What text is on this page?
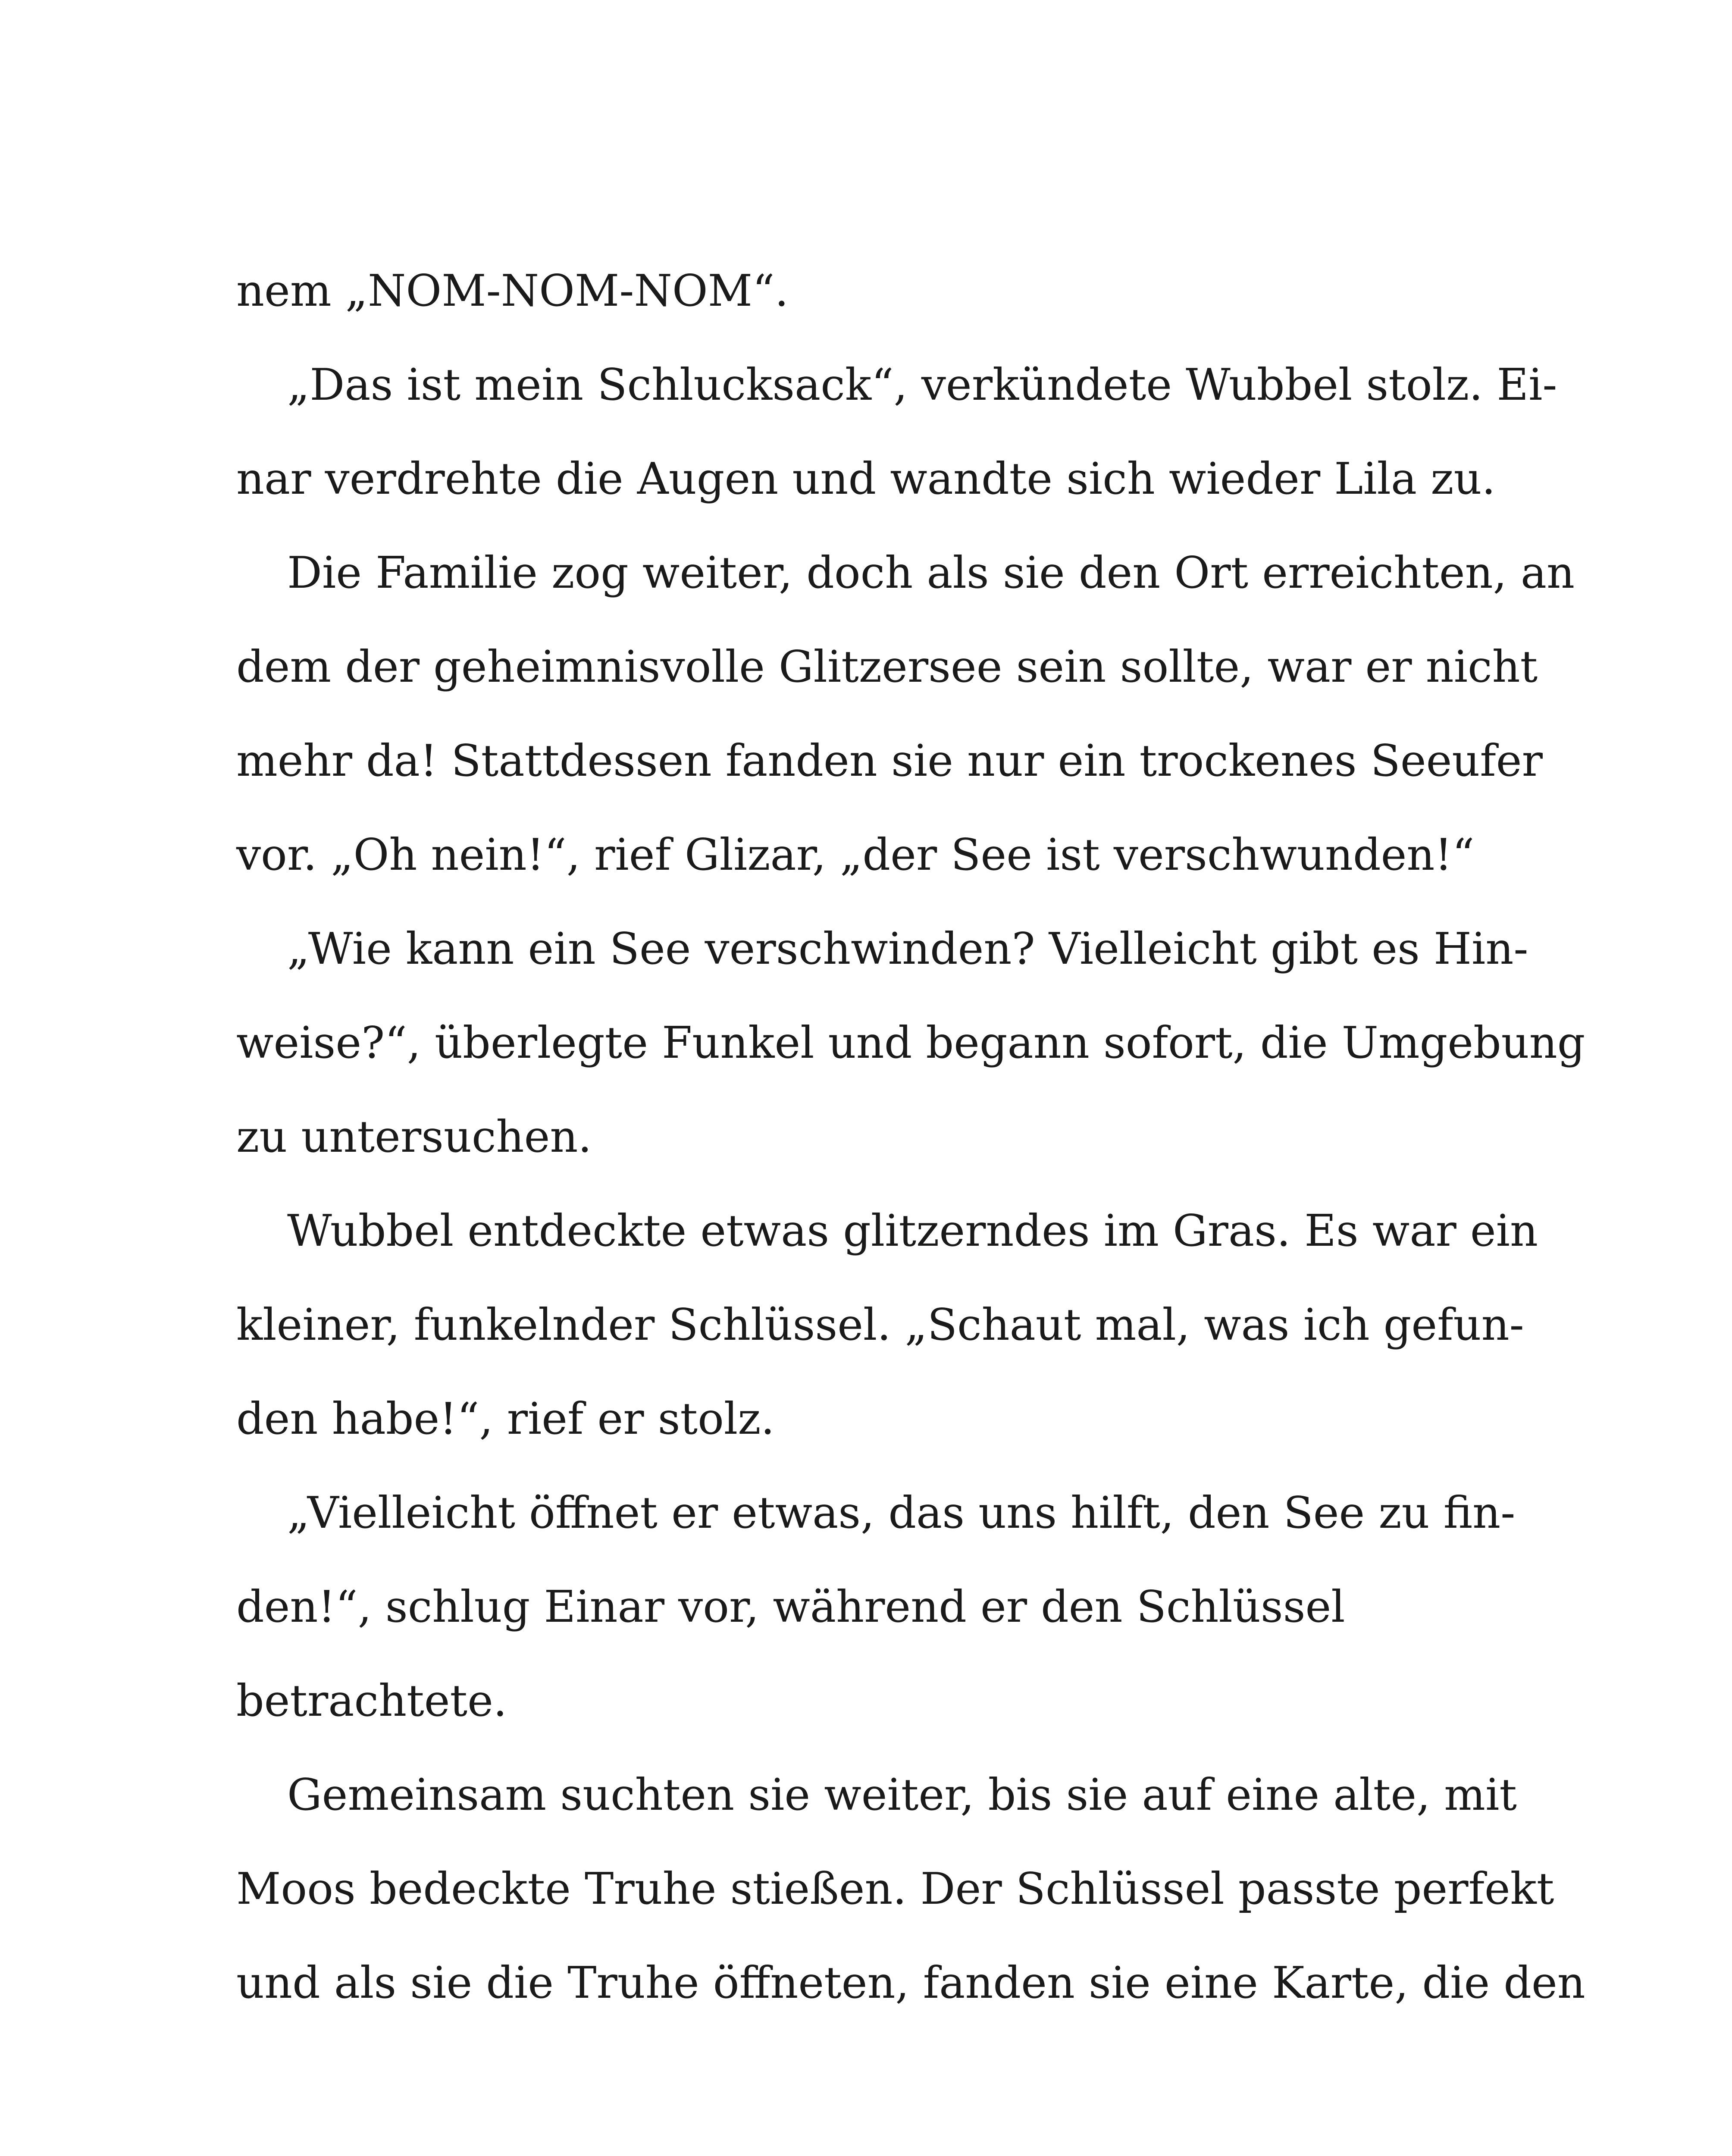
nem „NOM-NOM-NOM“.
„Das ist mein Schlucksack“, verkündete Wubbel stolz. Ei-
nar verdrehte die Augen und wandte sich wieder Lila zu.
Die Familie zog weiter, doch als sie den Ort erreichten, an
dem der geheimnisvolle Glitzersee sein sollte, war er nicht
mehr da! Stattdessen fanden sie nur ein trockenes Seeufer
vor. „Oh nein!“, rief Glizar, „der See ist verschwunden!“
„Wie kann ein See verschwinden? Vielleicht gibt es Hin-
weise?“, überlegte Funkel und begann sofort, die Umgebung
zu untersuchen.
Wubbel entdeckte etwas glitzerndes im Gras. Es war ein
kleiner, funkelnder Schlüssel. „Schaut mal, was ich gefun-
den habe!“, rief er stolz.
„Vielleicht öffnet er etwas, das uns hilft, den See zu fin-
den!“, schlug Einar vor, während er den Schlüssel
betrachtete.
Gemeinsam suchten sie weiter, bis sie auf eine alte, mit
Moos bedeckte Truhe stießen. Der Schlüssel passte perfekt
und als sie die Truhe öffneten, fanden sie eine Karte, die den
